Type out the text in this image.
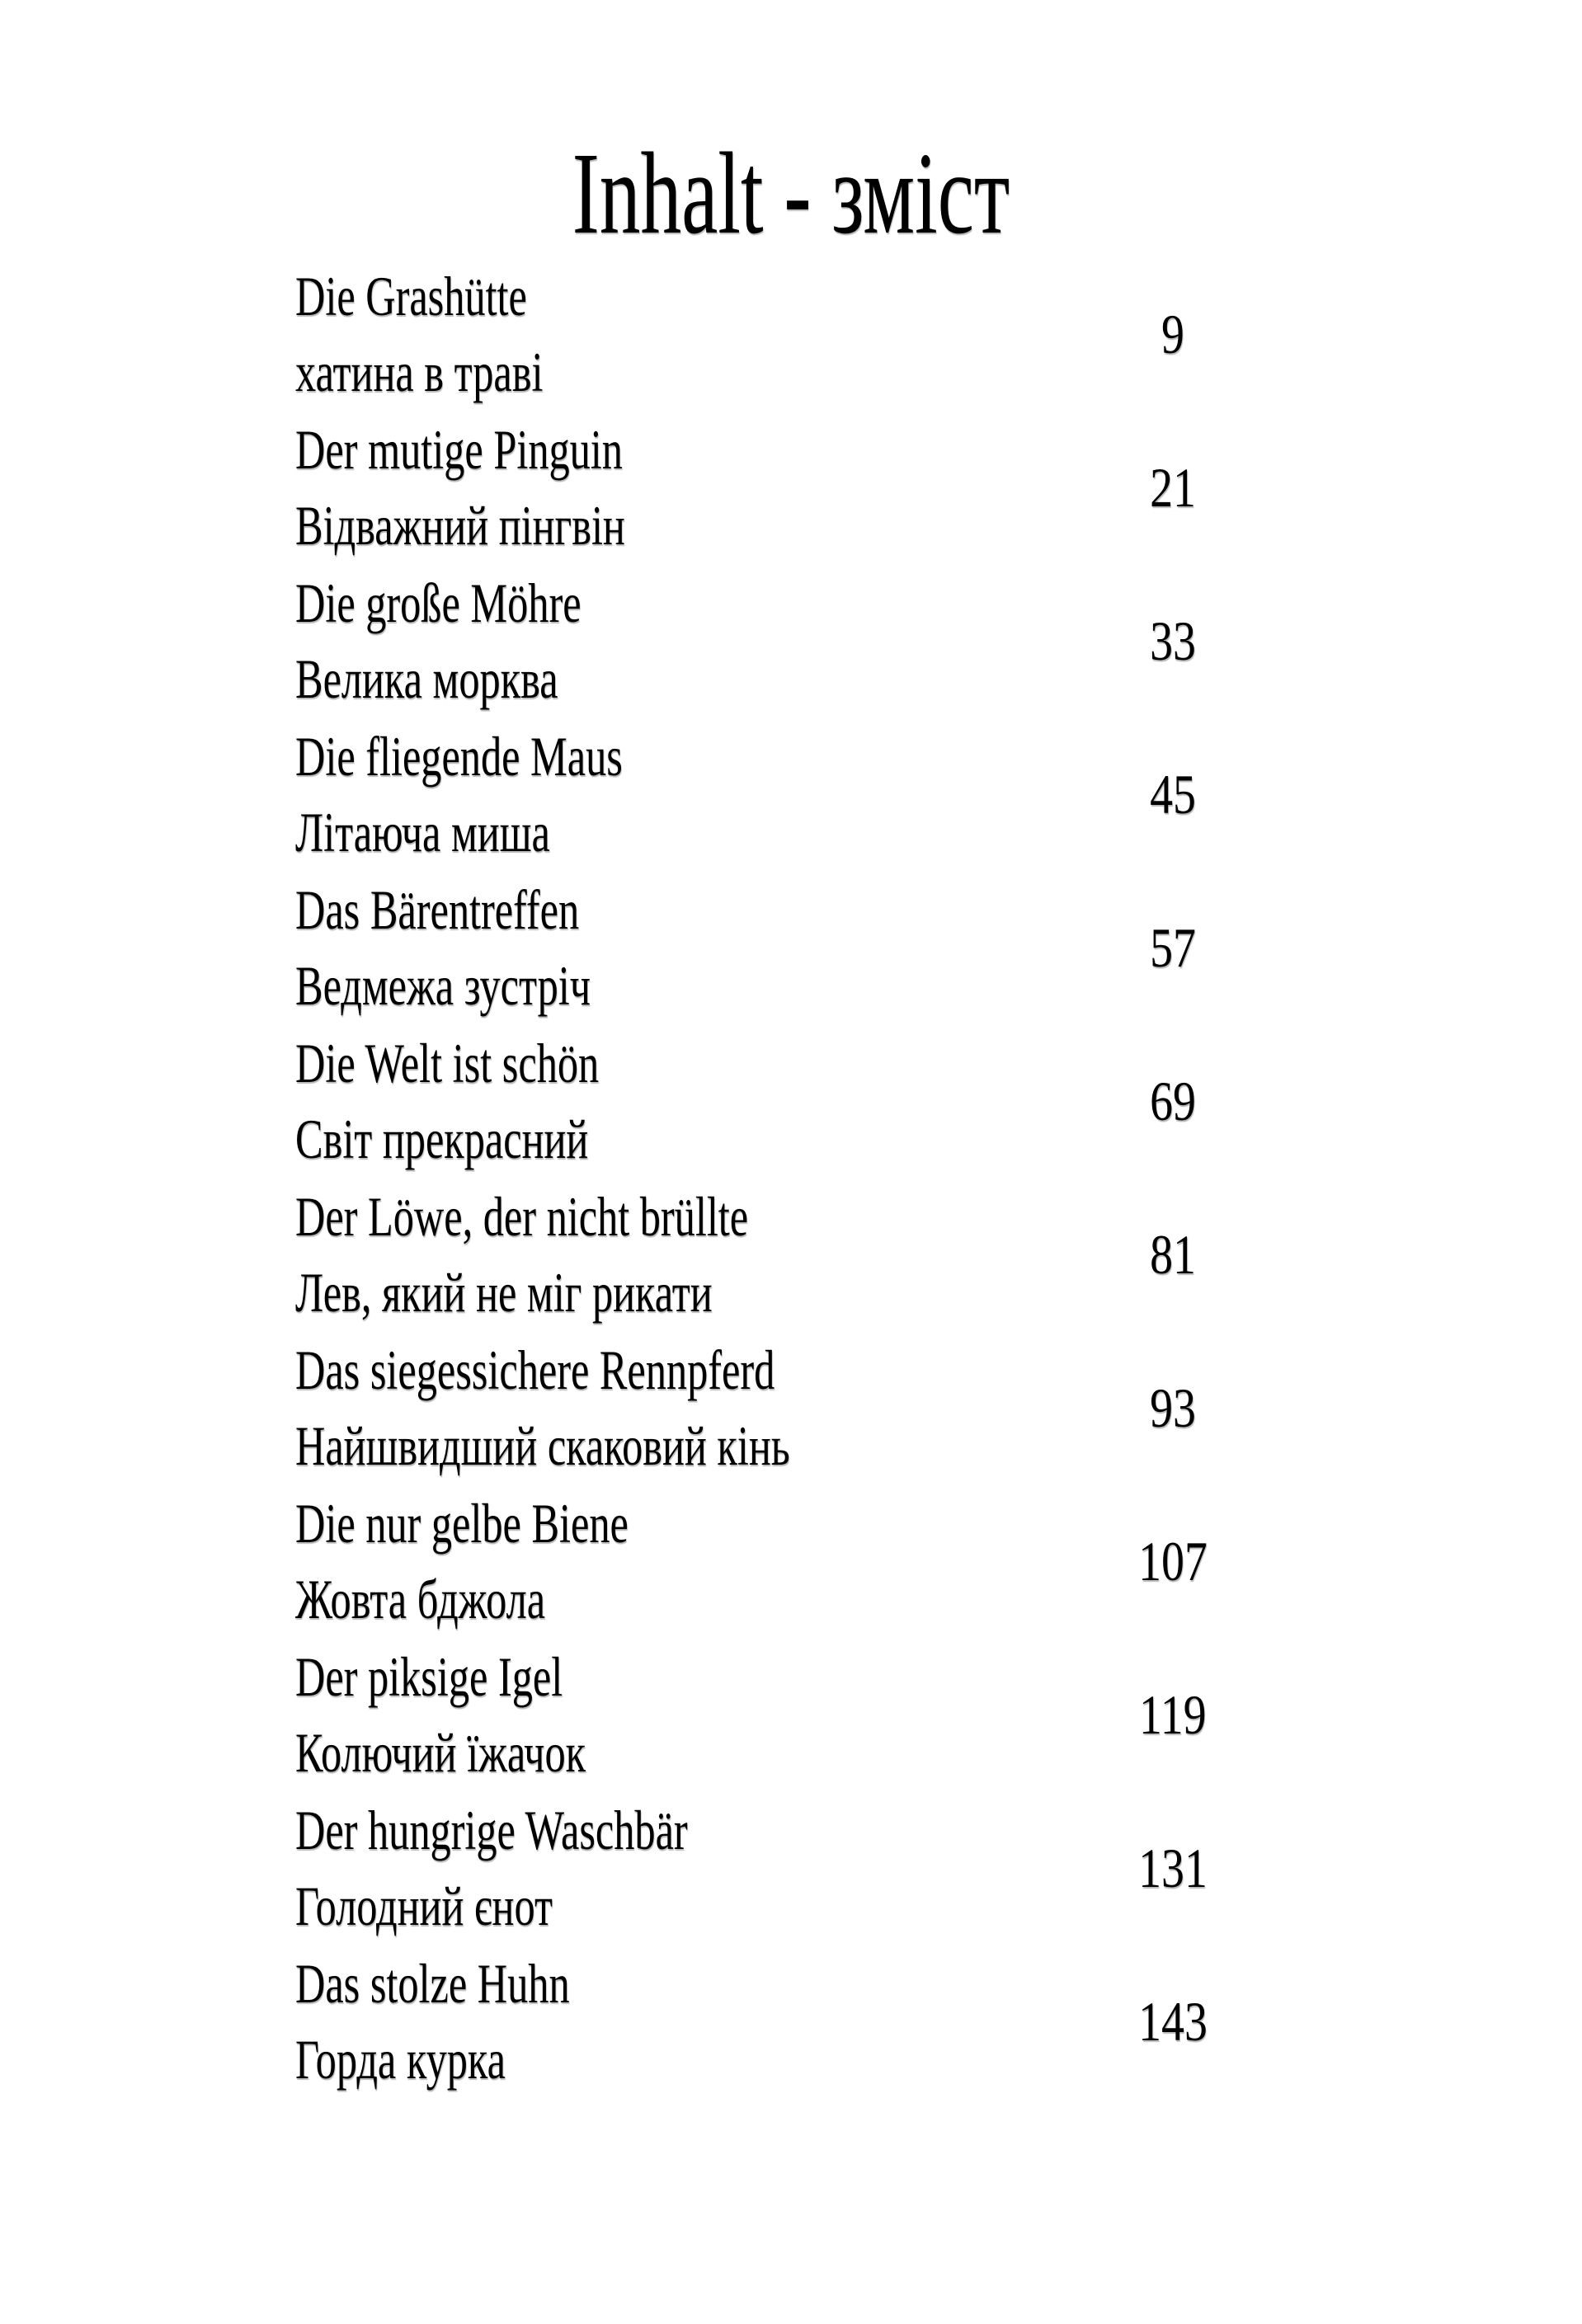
Inhalt - зміст
Die Grashütte
хатина в траві
9
Der mutige Pinguin
Відважний пінгвін
21
Die große Möhre
Велика морква
33
Die fliegende Maus
Літаюча миша
45
Das Bärentreffen
Ведмежа зустріч
57
Die Welt ist schön
Світ прекрасний
69
Der Löwe, der nicht brüllte
Лев, який не міг рикати
81
Das siegessichere Rennpferd
Найшвидший скаковий кінь
93
Die nur gelbe Biene
Жовта бджола
107
Der piksige Igel
Колючий їжачок
119
Der hungrige Waschbär
Голодний єнот
131
Das stolze Huhn
Горда курка
143
